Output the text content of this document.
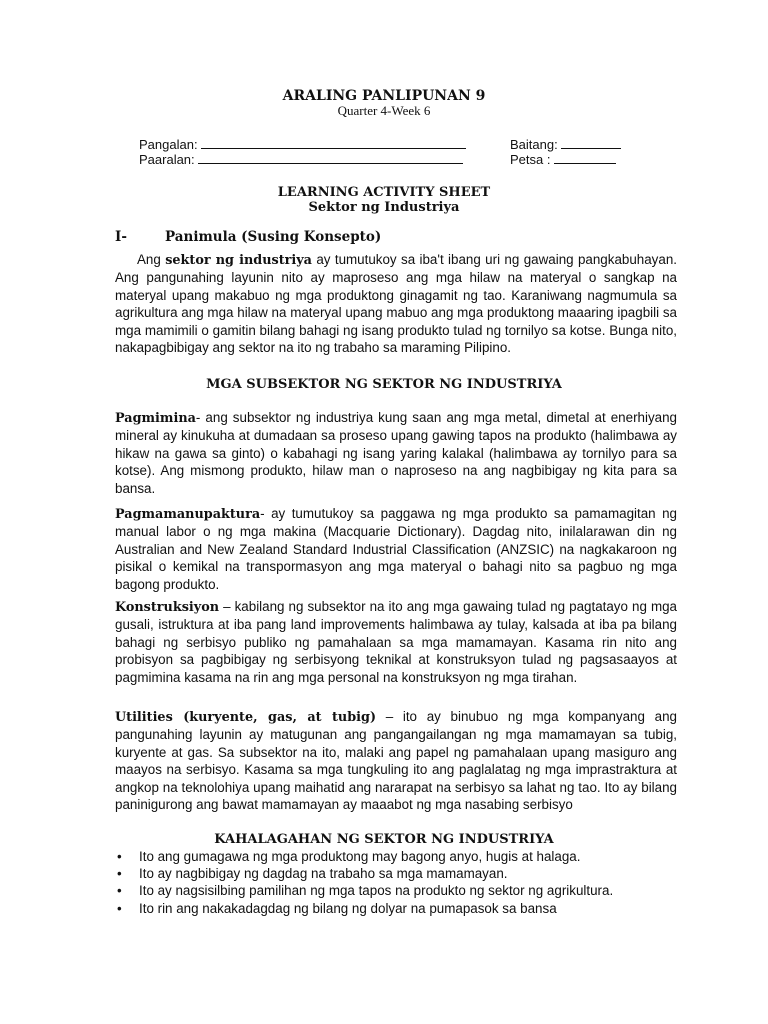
ARALING PANLIPUNAN 9
Quarter 4-Week 6
Pangalan:	Baitang:
Paaralan:	Petsa :
LEARNING ACTIVITY SHEET
Sektor ng Industriya
I-	Panimula (Susing Konsepto)

Ang sektor ng industriya ay tumutukoy sa iba't ibang uri ng gawaing pangkabuhayan. Ang pangunahing layunin nito ay maproseso ang mga hilaw na materyal o sangkap na materyal upang makabuo ng mga produktong ginagamit ng tao. Karaniwang nagmumula sa agrikultura ang mga hilaw na materyal upang mabuo ang mga produktong maaaring ipagbili sa mga mamimili o gamitin bilang bahagi ng isang produkto tulad ng tornilyo sa kotse. Bunga nito, nakapagbibigay ang sektor na ito ng trabaho sa maraming Pilipino.

MGA SUBSEKTOR NG SEKTOR NG INDUSTRIYA

Pagmimina- ang subsektor ng industriya kung saan ang mga metal, dimetal at enerhiyang mineral ay kinukuha at dumadaan sa proseso upang gawing tapos na produkto (halimbawa ay hikaw na gawa sa ginto) o kabahagi ng isang yaring kalakal (halimbawa ay tornilyo para sa kotse). Ang mismong produkto, hilaw man o naproseso na ang nagbibigay ng kita para sa bansa.

Pagmamanupaktura- ay tumutukoy sa paggawa ng mga produkto sa pamamagitan ng manual labor o ng mga makina (Macquarie Dictionary). Dagdag nito, inilalarawan din ng Australian and New Zealand Standard Industrial Classification (ANZSIC) na nagkakaroon ng pisikal o kemikal na transpormasyon ang mga materyal o bahagi nito sa pagbuo ng mga bagong produkto.

Konstruksiyon – kabilang ng subsektor na ito ang mga gawaing tulad ng pagtatayo ng mga gusali, istruktura at iba pang land improvements halimbawa ay tulay, kalsada at iba pa bilang bahagi ng serbisyo publiko ng pamahalaan sa mga mamamayan. Kasama rin nito ang probisyon sa pagbibigay ng serbisyong teknikal at konstruksyon tulad ng pagsasaayos at pagmimina kasama na rin ang mga personal na konstruksyon ng mga tirahan.

Utilities (kuryente, gas, at tubig) – ito ay binubuo ng mga kompanyang ang pangunahing layunin ay matugunan ang pangangailangan ng mga mamamayan sa tubig, kuryente at gas. Sa subsektor na ito, malaki ang papel ng pamahalaan upang masiguro ang maayos na serbisyo. Kasama sa mga tungkuling ito ang paglalatag ng mga imprastraktura at angkop na teknolohiya upang maihatid ang nararapat na serbisyo sa lahat ng tao. Ito ay bilang paninigurong ang bawat mamamayan ay maaabot ng mga nasabing serbisyo

KAHALAGAHAN NG SEKTOR NG INDUSTRIYA
• Ito ang gumagawa ng mga produktong may bagong anyo, hugis at halaga.
• Ito ay nagbibigay ng dagdag na trabaho sa mga mamamayan.
• Ito ay nagsisilbing pamilihan ng mga tapos na produkto ng sektor ng agrikultura.
• Ito rin ang nakakadagdag ng bilang ng dolyar na pumapasok sa bansa
